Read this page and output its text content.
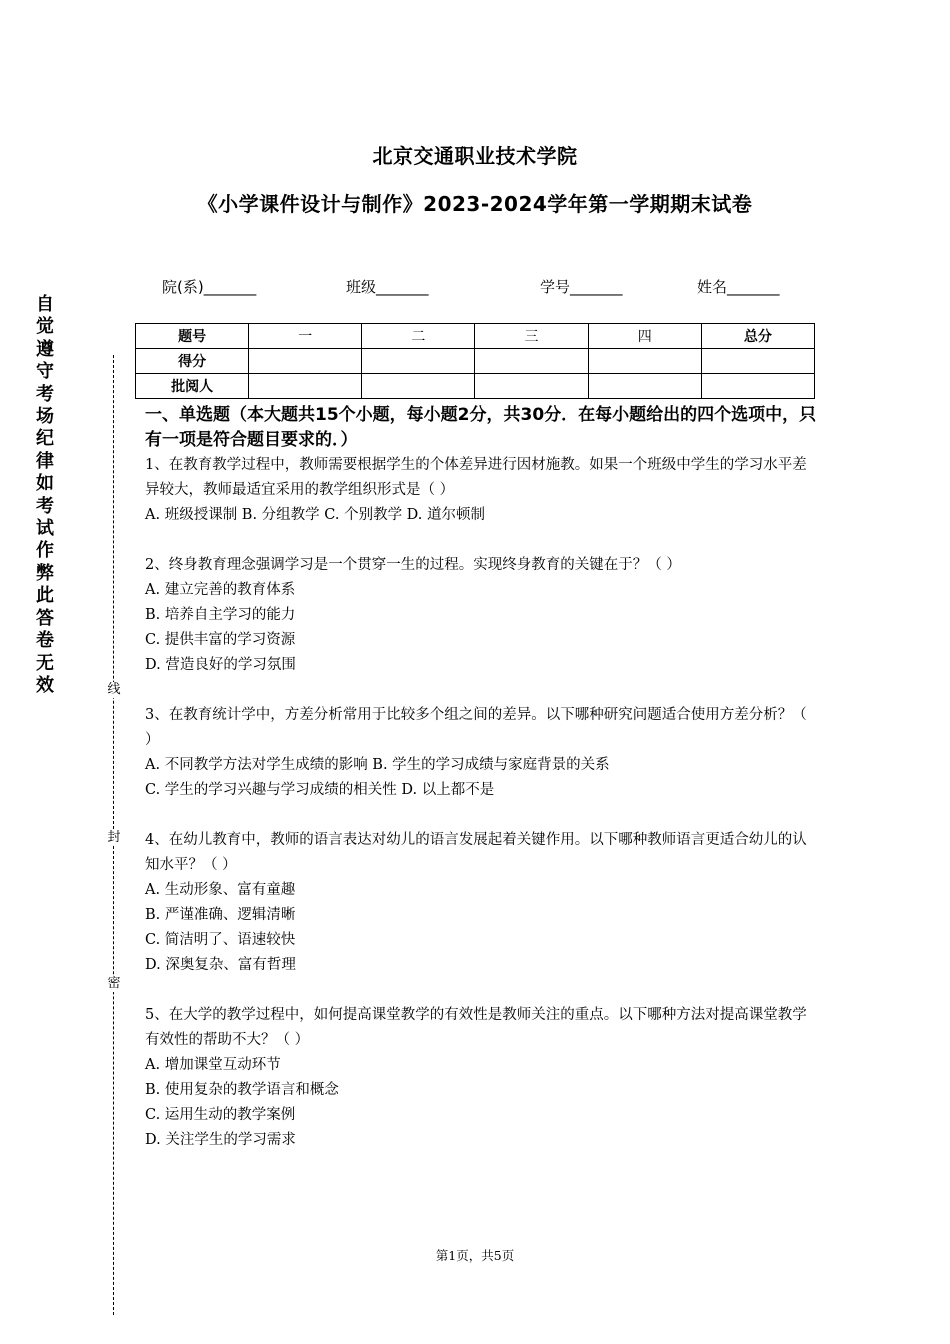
北京交通职业技术学院
《小学课件设计与制作》2023-2024学年第一学期期末试卷
院(系)_______	班级_______	学号_______	姓名_______
题号	一	二	三	四	总分
得分					
批阅人					
自觉遵守考场纪律如考试作弊此答卷无效	线
封
密

一、单选题（本大题共15个小题，每小题2分，共30分．在每小题给出的四个选项中，只有一项是符合题目要求的．）

1、在教育教学过程中，教师需要根据学生的个体差异进行因材施教。如果一个班级中学生的学习水平差异较大，教师最适宜采用的教学组织形式是（ ）

A. 班级授课制 B. 分组教学 C. 个别教学 D. 道尔顿制

2、终身教育理念强调学习是一个贯穿一生的过程。实现终身教育的关键在于？（ ）

A. 建立完善的教育体系

B. 培养自主学习的能力

C. 提供丰富的学习资源

D. 营造良好的学习氛围

3、在教育统计学中，方差分析常用于比较多个组之间的差异。以下哪种研究问题适合使用方差分析？（ ）

A. 不同教学方法对学生成绩的影响 B. 学生的学习成绩与家庭背景的关系

C. 学生的学习兴趣与学习成绩的相关性 D. 以上都不是

4、在幼儿教育中，教师的语言表达对幼儿的语言发展起着关键作用。以下哪种教师语言更适合幼儿的认知水平？（ ）

A. 生动形象、富有童趣

B. 严谨准确、逻辑清晰

C. 简洁明了、语速较快

D. 深奥复杂、富有哲理

5、在大学的教学过程中，如何提高课堂教学的有效性是教师关注的重点。以下哪种方法对提高课堂教学有效性的帮助不大？（ ）

A. 增加课堂互动环节

B. 使用复杂的教学语言和概念

C. 运用生动的教学案例

D. 关注学生的学习需求

第1页，共5页
